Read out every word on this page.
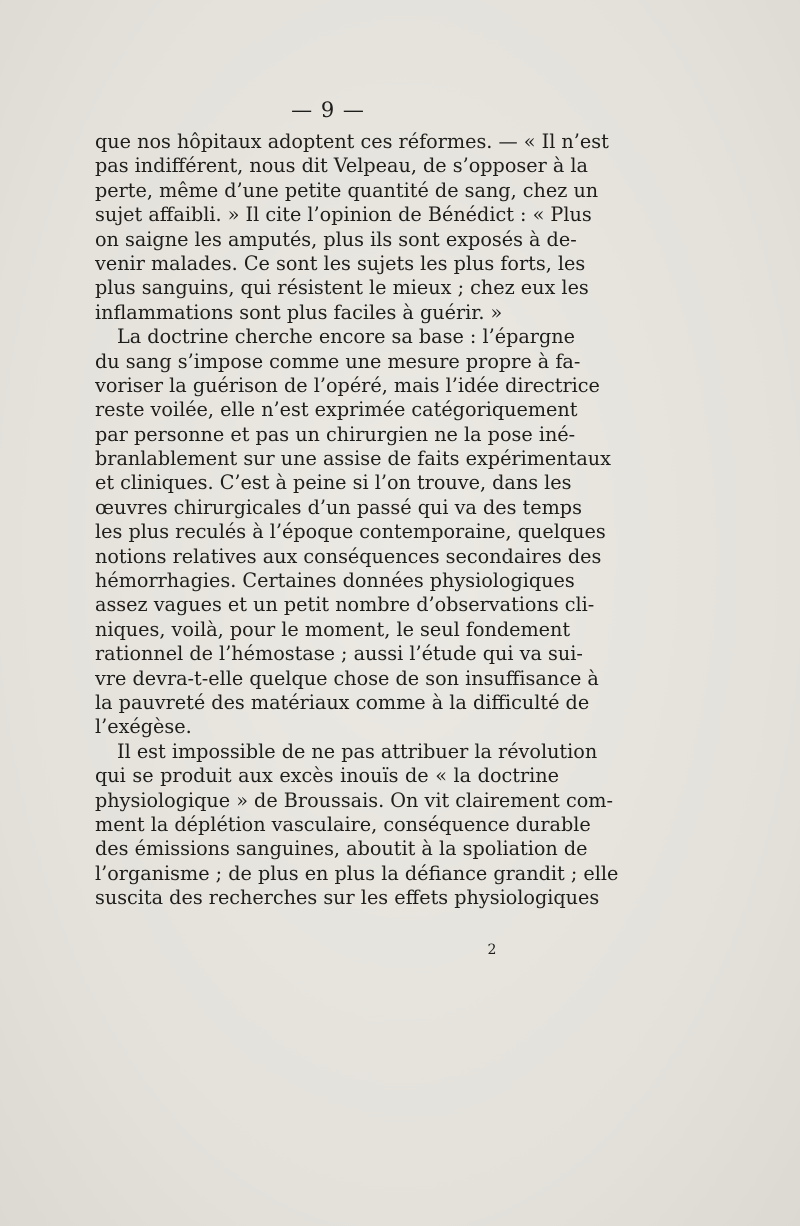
— 9 —
que nos hôpitaux adoptent ces réformes. — « Il n’est
pas indifférent, nous dit Velpeau, de s’opposer à la
perte, même d’une petite quantité de sang, chez un
sujet affaibli. » Il cite l’opinion de Bénédict : « Plus
on saigne les amputés, plus ils sont exposés à de-
venir malades. Ce sont les sujets les plus forts, les
plus sanguins, qui résistent le mieux ; chez eux les
inflammations sont plus faciles à guérir. »
La doctrine cherche encore sa base : l’épargne
du sang s’impose comme une mesure propre à fa-
voriser la guérison de l’opéré, mais l’idée directrice
reste voilée, elle n’est exprimée catégoriquement
par personne et pas un chirurgien ne la pose iné-
branlablement sur une assise de faits expérimentaux
et cliniques. C’est à peine si l’on trouve, dans les
œuvres chirurgicales d’un passé qui va des temps
les plus reculés à l’époque contemporaine, quelques
notions relatives aux conséquences secondaires des
hémorrhagies. Certaines données physiologiques
assez vagues et un petit nombre d’observations cli-
niques, voilà, pour le moment, le seul fondement
rationnel de l’hémostase ; aussi l’étude qui va sui-
vre devra-t-elle quelque chose de son insuffisance à
la pauvreté des matériaux comme à la difficulté de
l’exégèse.
Il est impossible de ne pas attribuer la révolution
qui se produit aux excès inouïs de « la doctrine
physiologique » de Broussais. On vit clairement com-
ment la déplétion vasculaire, conséquence durable
des émissions sanguines, aboutit à la spoliation de
l’organisme ; de plus en plus la défiance grandit ; elle
suscita des recherches sur les effets physiologiques
2
